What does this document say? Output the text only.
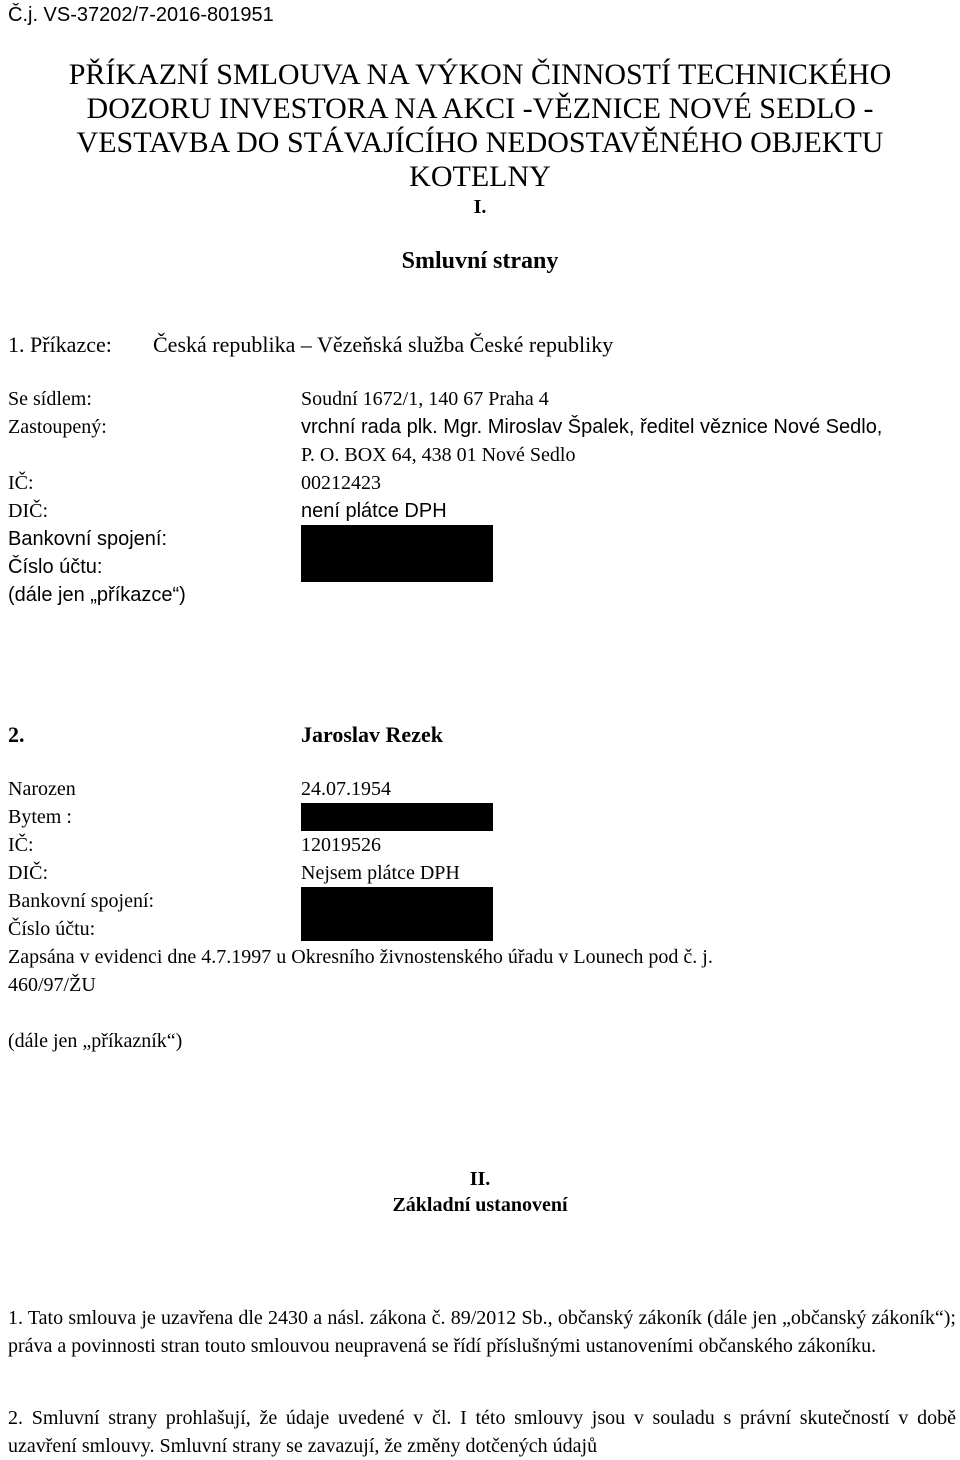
Č.j. VS-37202/7-2016-801951
PŘÍKAZNÍ SMLOUVA NA VÝKON ČINNOSTÍ TECHNICKÉHO
DOZORU INVESTORA NA AKCI -VĚZNICE NOVÉ SEDLO -
VESTAVBA DO STÁVAJÍCÍHO NEDOSTAVĚNÉHO OBJEKTU
KOTELNY
I.
Smluvní strany
1. Příkazce: Česká republika – Vězeňská služba České republiky
Se sídlem:	Soudní 1672/1, 140 67 Praha 4
Zastoupený:	vrchní rada plk. Mgr. Miroslav Špalek, ředitel věznice Nové Sedlo,
P. O. BOX 64, 438 01 Nové Sedlo
IČ:	00212423
DIČ:	není plátce DPH
Bankovní spojení:
Číslo účtu:
(dále jen „příkazce“)
2.	Jaroslav Rezek
Narozen	24.07.1954
Bytem :
IČ:	12019526
DIČ:	Nejsem plátce DPH
Bankovní spojení:
Číslo účtu:
Zapsána v evidenci dne 4.7.1997 u Okresního živnostenského úřadu v Lounech pod č. j.
460/97/ŽU
(dále jen „příkazník“)
II.
Základní ustanovení
1. Tato smlouva je uzavřena dle 2430 a násl. zákona č. 89/2012 Sb., občanský zákoník (dále jen „občanský zákoník“); práva a povinnosti stran touto smlouvou neupravená se řídí příslušnými ustanoveními občanského zákoníku.
2. Smluvní strany prohlašují, že údaje uvedené v čl. I této smlouvy jsou v souladu s právní skutečností v době uzavření smlouvy. Smluvní strany se zavazují, že změny dotčených údajů
